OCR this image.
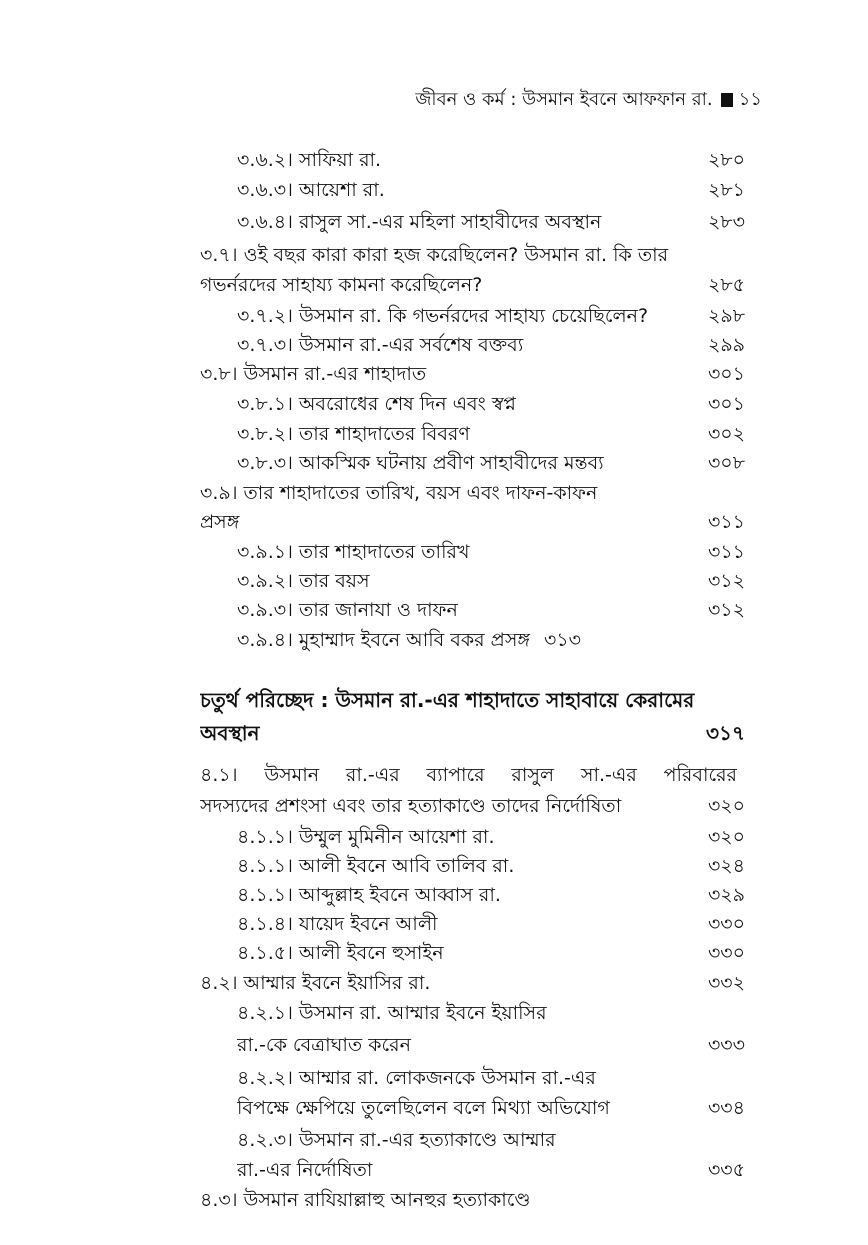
জীবন ও কর্ম : উসমান ইবনে আফফান রা. ১১
৩.৬.২। সাফিয়া রা.	২৮০
৩.৬.৩। আয়েশা রা.	২৮১
৩.৬.৪। রাসুল সা.-এর মহিলা সাহাবীদের অবস্থান	২৮৩
৩.৭। ওই বছর কারা কারা হজ করেছিলেন? উসমান রা. কি তার
গভর্নরদের সাহায্য কামনা করেছিলেন?	২৮৫
৩.৭.২। উসমান রা. কি গভর্নরদের সাহায্য চেয়েছিলেন?	২৯৮
৩.৭.৩। উসমান রা.-এর সর্বশেষ বক্তব্য	২৯৯
৩.৮। উসমান রা.-এর শাহাদাত	৩০১
৩.৮.১। অবরোধের শেষ দিন এবং স্বপ্ন	৩০১
৩.৮.২। তার শাহাদাতের বিবরণ	৩০২
৩.৮.৩। আকস্মিক ঘটনায় প্রবীণ সাহাবীদের মন্তব্য	৩০৮
৩.৯। তার শাহাদাতের তারিখ, বয়স এবং দাফন-কাফন
প্রসঙ্গ	৩১১
৩.৯.১। তার শাহাদাতের তারিখ	৩১১
৩.৯.২। তার বয়স	৩১২
৩.৯.৩। তার জানাযা ও দাফন	৩১২
৩.৯.৪। মুহাম্মাদ ইবনে আবি বকর প্রসঙ্গ ৩১৩
চতুর্থ পরিচ্ছেদ : উসমান রা.-এর শাহাদাতে সাহাবায়ে কেরামের
অবস্থান	৩১৭
৪.১। উসমান রা.-এর ব্যাপারে রাসুল সা.-এর পরিবারের
সদস্যদের প্রশংসা এবং তার হত্যাকাণ্ডে তাদের নির্দোষিতা	৩২০
৪.১.১। উম্মুল মুমিনীন আয়েশা রা.	৩২০
৪.১.১। আলী ইবনে আবি তালিব রা.	৩২৪
৪.১.১। আব্দুল্লাহ ইবনে আব্বাস রা.	৩২৯
৪.১.৪। যায়েদ ইবনে আলী	৩৩০
৪.১.৫। আলী ইবনে হুসাইন	৩৩০
৪.২। আম্মার ইবনে ইয়াসির রা.	৩৩২
৪.২.১। উসমান রা. আম্মার ইবনে ইয়াসির
রা.-কে বেত্রাঘাত করেন	৩৩৩
৪.২.২। আম্মার রা. লোকজনকে উসমান রা.-এর
বিপক্ষে ক্ষেপিয়ে তুলেছিলেন বলে মিথ্যা অভিযোগ	৩৩৪
৪.২.৩। উসমান রা.-এর হত্যাকাণ্ডে আম্মার
রা.-এর নির্দোষিতা	৩৩৫
৪.৩। উসমান রাযিয়াল্লাহু আনহুর হত্যাকাণ্ডে
